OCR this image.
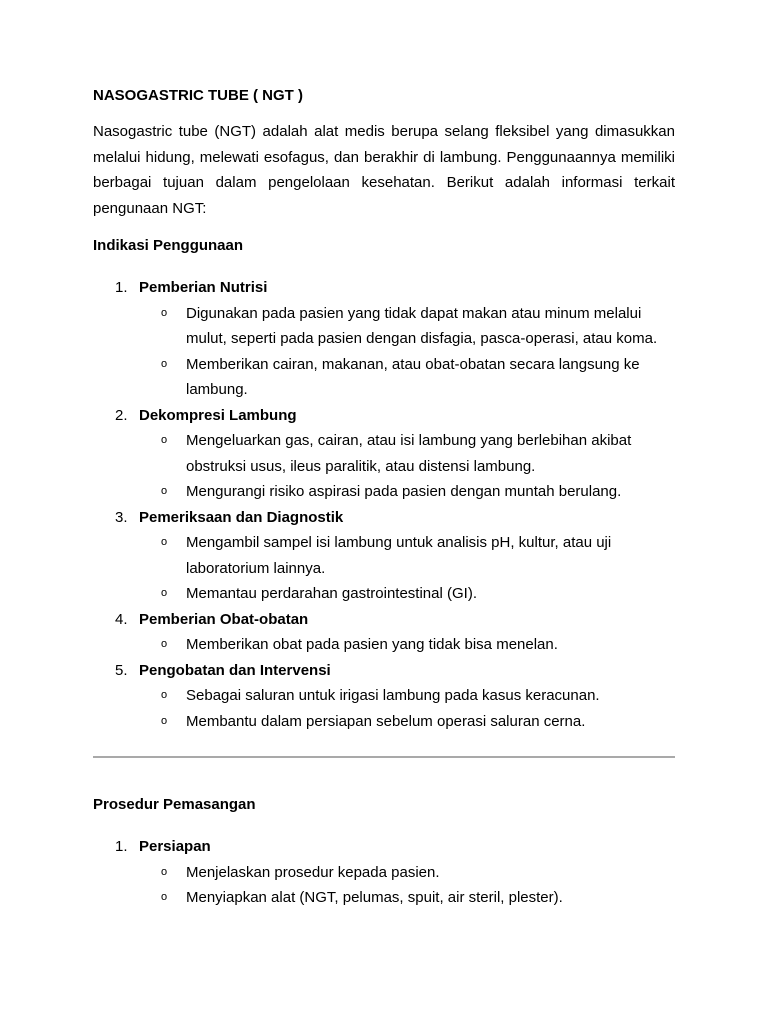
NASOGASTRIC TUBE ( NGT )

Nasogastric tube (NGT) adalah alat medis berupa selang fleksibel yang dimasukkan melalui hidung, melewati esofagus, dan berakhir di lambung. Penggunaannya memiliki berbagai tujuan dalam pengelolaan kesehatan. Berikut adalah informasi terkait pengunaan NGT:

Indikasi Penggunaan
1. Pemberian Nutrisi
o Digunakan pada pasien yang tidak dapat makan atau minum melalui mulut, seperti pada pasien dengan disfagia, pasca-operasi, atau koma.
o Memberikan cairan, makanan, atau obat-obatan secara langsung ke lambung.
2. Dekompresi Lambung
o Mengeluarkan gas, cairan, atau isi lambung yang berlebihan akibat obstruksi usus, ileus paralitik, atau distensi lambung.
o Mengurangi risiko aspirasi pada pasien dengan muntah berulang.
3. Pemeriksaan dan Diagnostik
o Mengambil sampel isi lambung untuk analisis pH, kultur, atau uji laboratorium lainnya.
o Memantau perdarahan gastrointestinal (GI).
4. Pemberian Obat-obatan
o Memberikan obat pada pasien yang tidak bisa menelan.
5. Pengobatan dan Intervensi
o Sebagai saluran untuk irigasi lambung pada kasus keracunan.
o Membantu dalam persiapan sebelum operasi saluran cerna.
Prosedur Pemasangan
1. Persiapan
o Menjelaskan prosedur kepada pasien.
o Menyiapkan alat (NGT, pelumas, spuit, air steril, plester).
